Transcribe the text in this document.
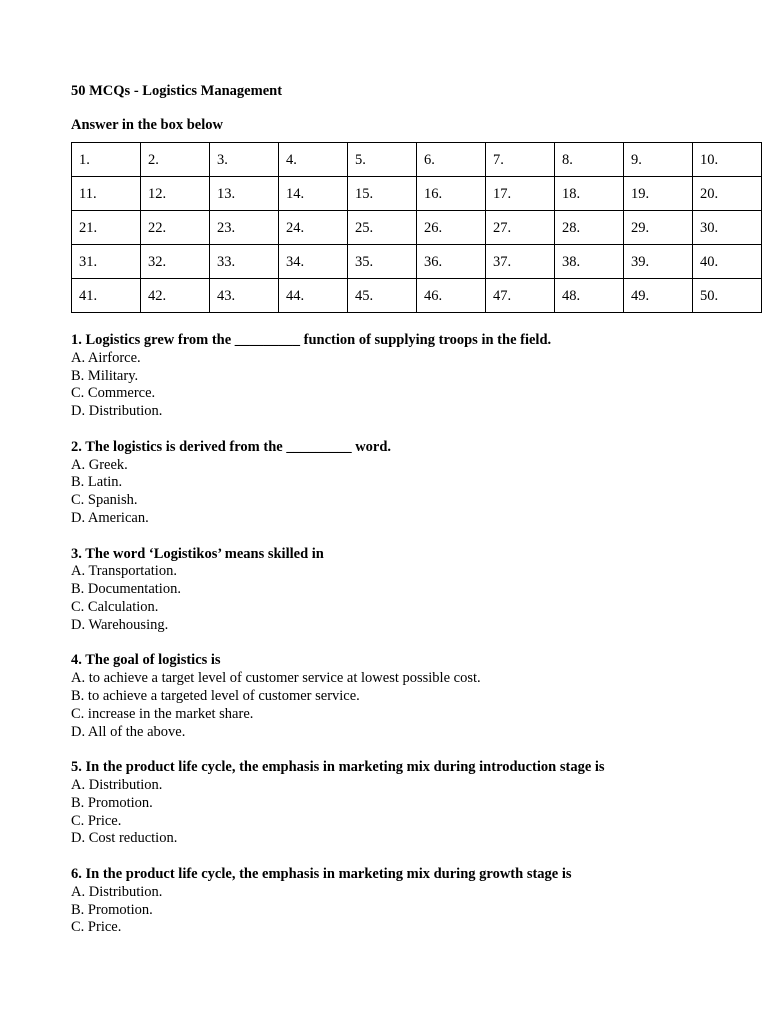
50 MCQs - Logistics Management
Answer in the box below
1.	2.	3.	4.	5.	6.	7.	8.	9.	10.
11.	12.	13.	14.	15.	16.	17.	18.	19.	20.
21.	22.	23.	24.	25.	26.	27.	28.	29.	30.
31.	32.	33.	34.	35.	36.	37.	38.	39.	40.
41.	42.	43.	44.	45.	46.	47.	48.	49.	50.
1. Logistics grew from the _________ function of supplying troops in the field.
A. Airforce.
B. Military.
C. Commerce.
D. Distribution.
2. The logistics is derived from the _________ word.
A. Greek.
B. Latin.
C. Spanish.
D. American.
3. The word ‘Logistikos’ means skilled in
A. Transportation.
B. Documentation.
C. Calculation.
D. Warehousing.
4. The goal of logistics is
A. to achieve a target level of customer service at lowest possible cost.
B. to achieve a targeted level of customer service.
C. increase in the market share.
D. All of the above.
5. In the product life cycle, the emphasis in marketing mix during introduction stage is
A. Distribution.
B. Promotion.
C. Price.
D. Cost reduction.
6. In the product life cycle, the emphasis in marketing mix during growth stage is
A. Distribution.
B. Promotion.
C. Price.
